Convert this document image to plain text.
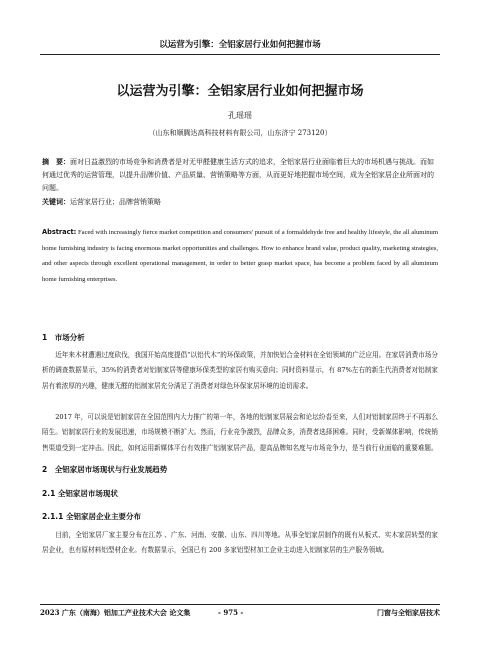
以运营为引擎：全铝家居行业如何把握市场
以运营为引擎：全铝家居行业如何把握市场
孔瑶瑶
（山东和顺腾达高科技材料有限公司，山东济宁 273120）
摘　要：面对日益激烈的市场竞争和消费者是对无甲醛健康生活方式的追求，全铝家居行业面临着巨大的市场机遇与挑战。而如何通过优秀的运营管理，以提升品牌价值、产品质量、营销策略等方面，从而更好地把握市场空间，成为全铝家居企业所面对的问题。
关键词：运营家居行业；品牌营销策略
Abstract: Faced with increasingly fierce market competition and consumers' pursuit of a formaldehyde free and healthy lifestyle, the all aluminum home furnishing industry is facing enormous market opportunities and challenges. How to enhance brand value, product quality, marketing strategies, and other aspects through excellent operational management, in order to better grasp market space, has become a problem faced by all aluminum home furnishing enterprises.
1　市场分析
近年来木材遭遇过度砍伐，我国开始高度提倡“以铝代木”的环保政策，并加快铝合金材料在全铝领域的广泛应用。在家居消费市场分析的调查数据显示，35%的消费者对铝制家居等健康环保类型的家居有购买意向；同时资料显示，有 87%左右的新生代消费者对铝制家居有着浓厚的兴趣，健康无醛的铝制家居充分满足了消费者对绿色环保家居环境的迫切需求。
2017 年，可以说是铝制家居在全国范围内大力推广的第一年，各地的铝制家居展会和论坛纷沓至来，人们对铝制家居终于不再那么陌生。铝制家居行业的发展迅速，市场规模不断扩大。然而，行业竞争激烈，品牌众多，消费者选择困难。同时，受新媒体影响，传统销售渠道受到一定冲击。因此，如何运用新媒体平台有效推广铝制家居产品，提高品牌知名度与市场竞争力，是当前行业面临的重要难题。
2　全铝家居市场现状与行业发展趋势
2.1 全铝家居市场现状
2.1.1 全铝家居企业主要分布
目前，全铝家居厂家主要分布在江苏 、广东、河南、安徽、山东、四川等地。从事全铝家居制作的既有从板式、实木家居转型的家居企业，也有原材料铝型材企业。有数据显示，全国已有 200 多家铝型材加工企业主动进入铝制家居的生产服务领域。
2023 广东（南海）铝加工产业技术大会 论文集	- 975 -	门窗与全铝家居技术
